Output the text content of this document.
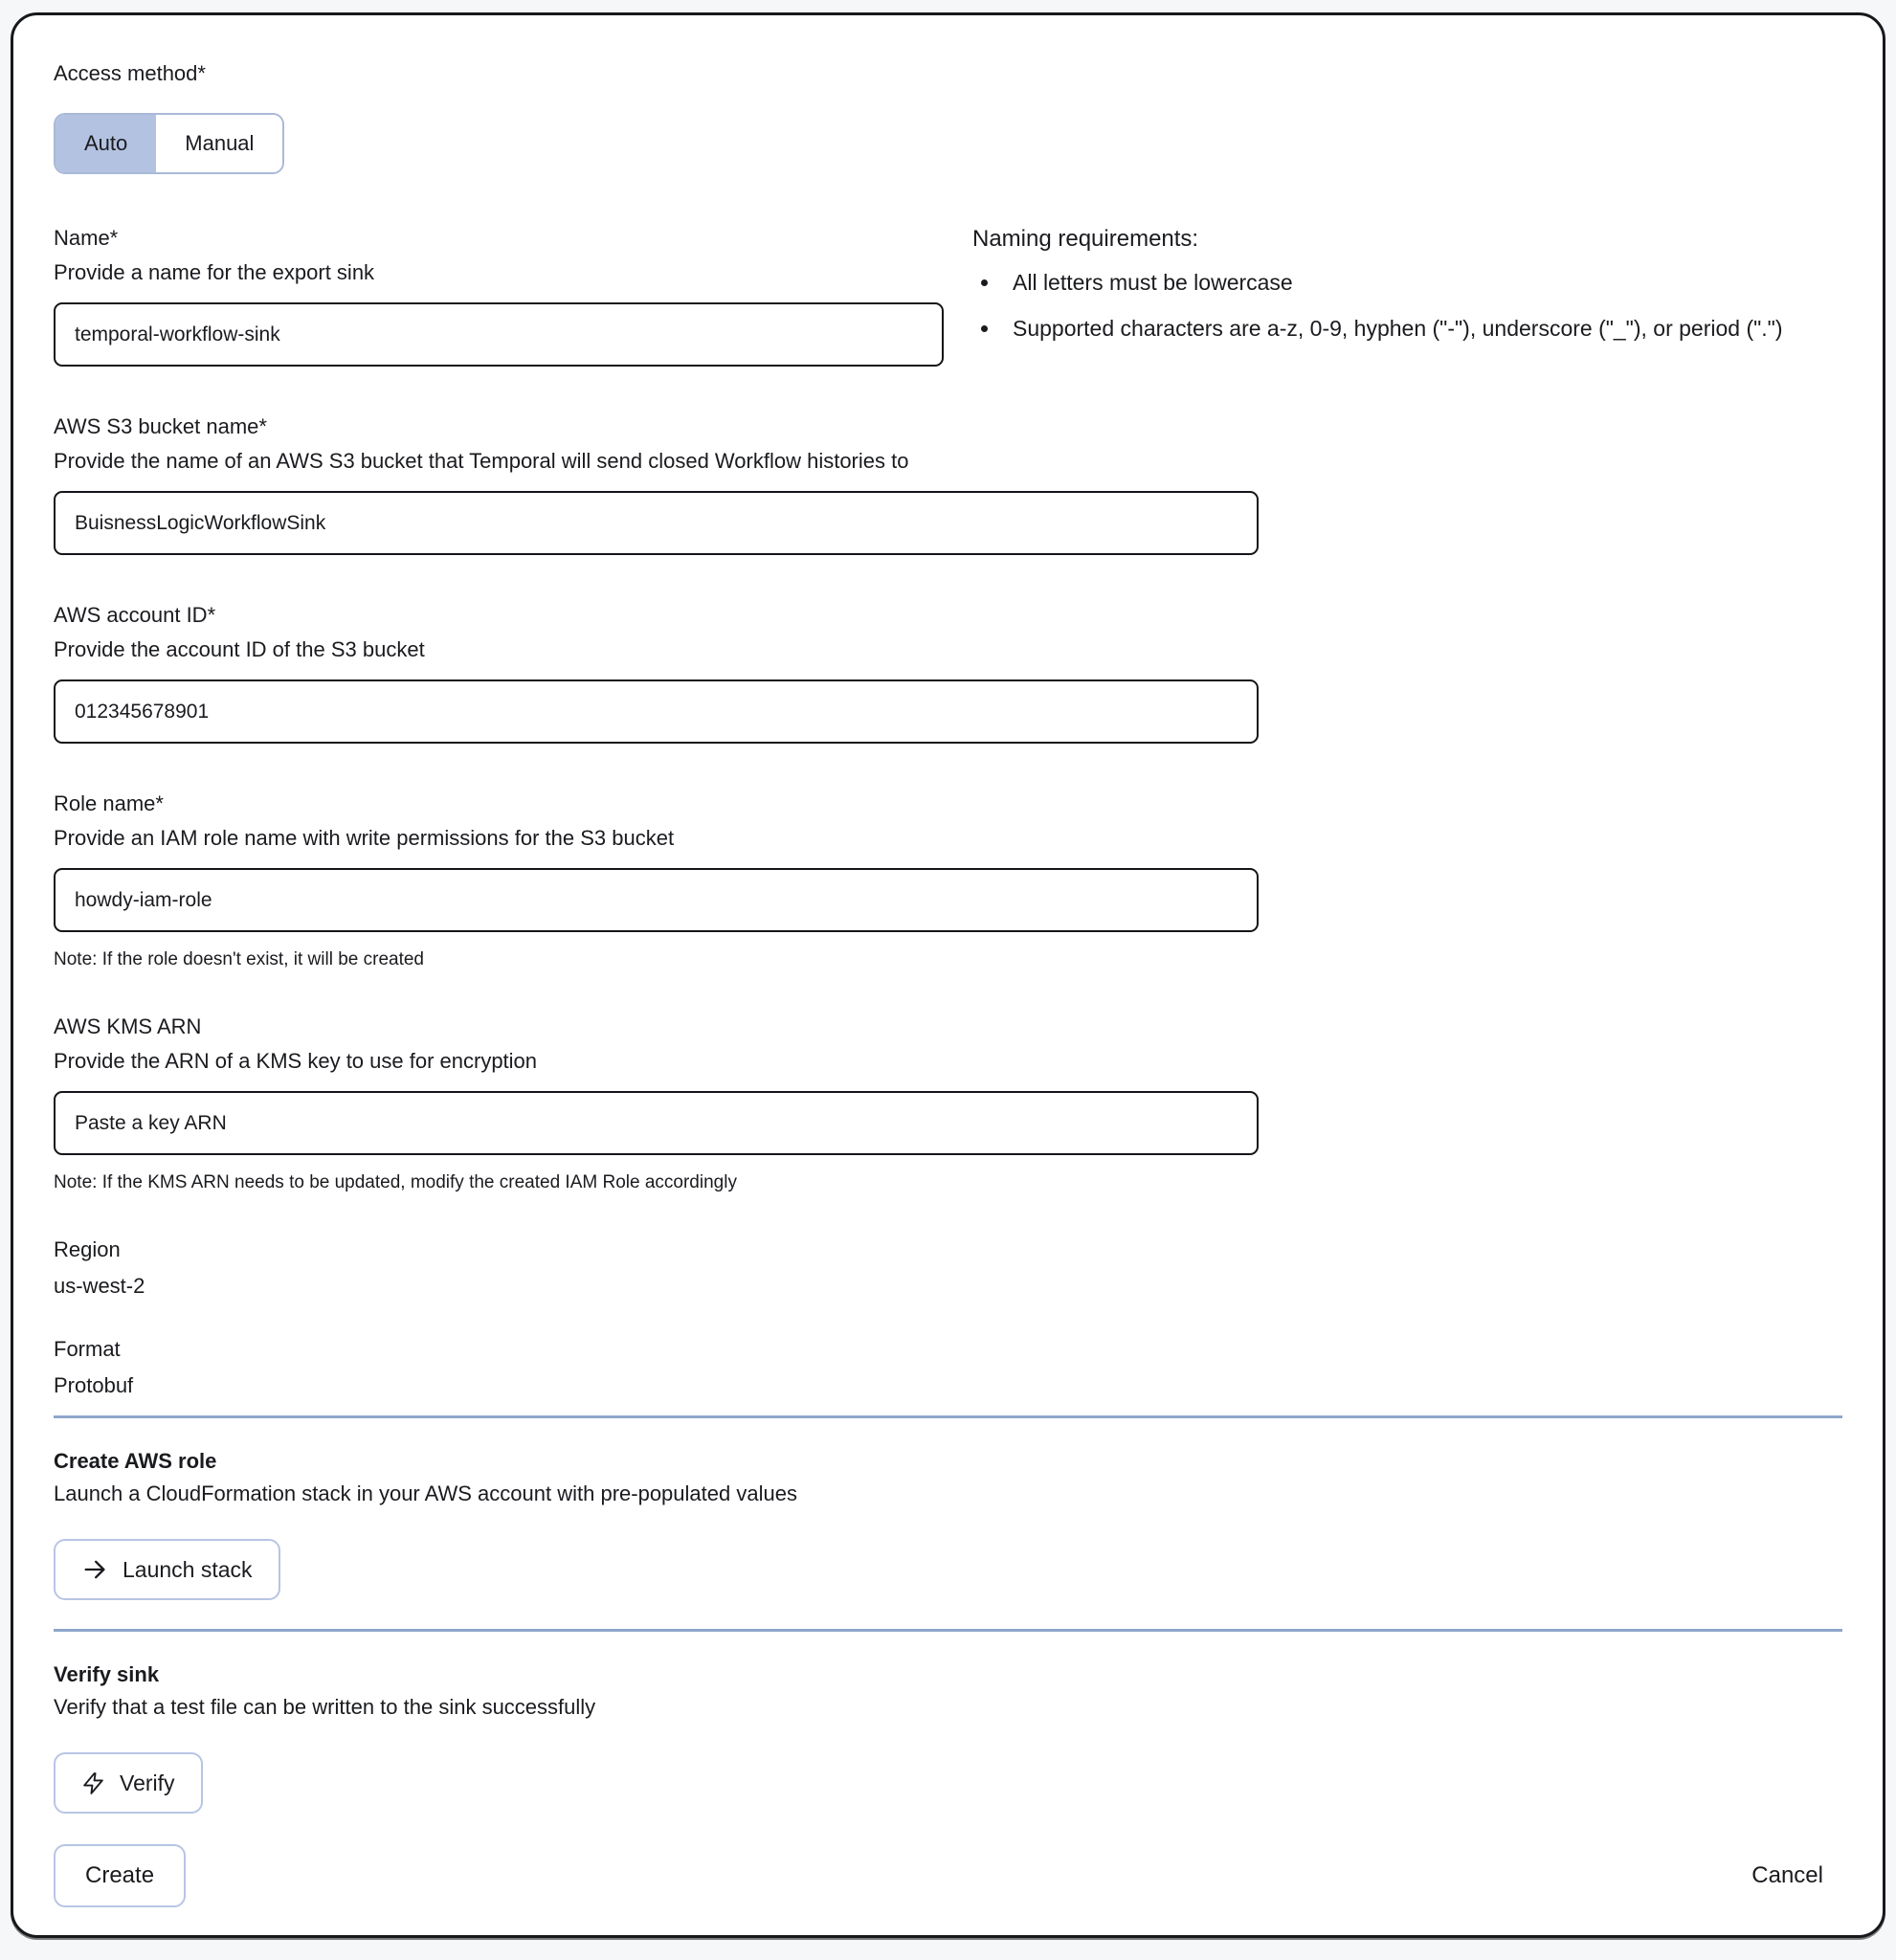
Access method*
Auto	Manual
Name*
Provide a name for the export sink
temporal-workflow-sink
Naming requirements:
• All letters must be lowercase
• Supported characters are a-z, 0-9, hyphen ("-"), underscore ("_"), or period (".")
AWS S3 bucket name*
Provide the name of an AWS S3 bucket that Temporal will send closed Workflow histories to
BuisnessLogicWorkflowSink
AWS account ID*
Provide the account ID of the S3 bucket
012345678901
Role name*
Provide an IAM role name with write permissions for the S3 bucket
howdy-iam-role
Note: If the role doesn't exist, it will be created
AWS KMS ARN
Provide the ARN of a KMS key to use for encryption
Paste a key ARN
Note: If the KMS ARN needs to be updated, modify the created IAM Role accordingly
Region
us-west-2
Format
Protobuf
Create AWS role
Launch a CloudFormation stack in your AWS account with pre-populated values
Launch stack
Verify sink
Verify that a test file can be written to the sink successfully
Verify
Create	Cancel
